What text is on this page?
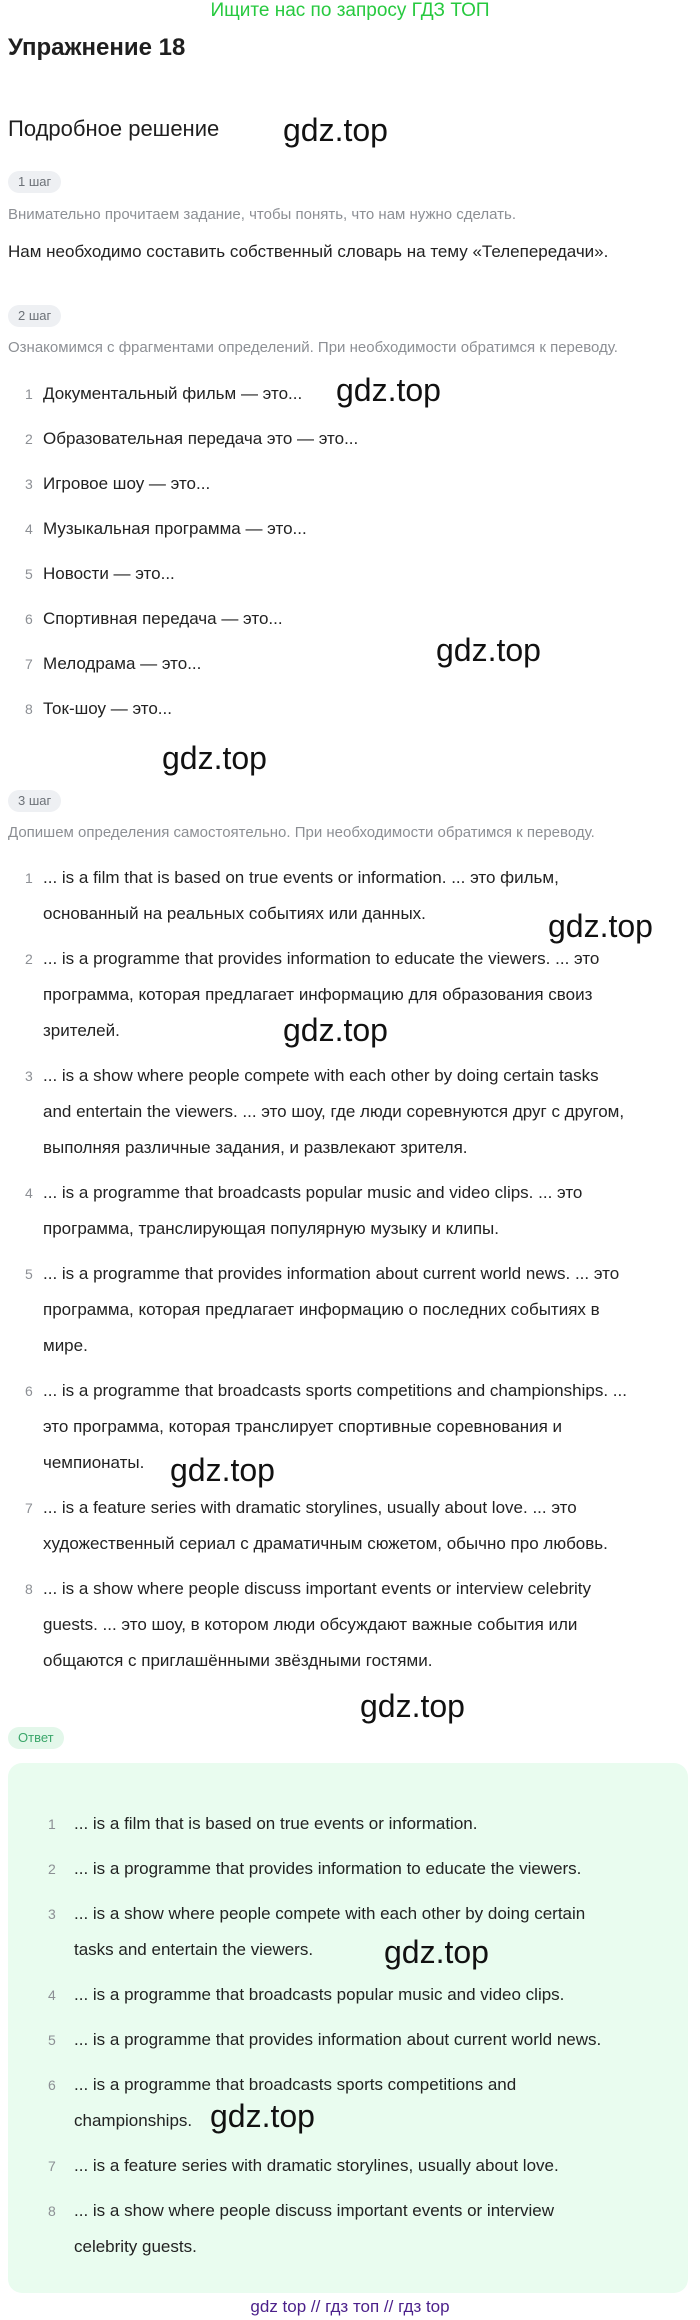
Ищите нас по запросу ГДЗ ТОП
Упражнение 18
Подробное решение gdz.top
gdz.top
gdz.top
gdz.top
gdz.top
gdz.top
gdz.top
gdz.top
1 шаг
Внимательно прочитаем задание, чтобы понять, что нам нужно сделать.
Нам необходимо составить собственный словарь на тему «Телепередачи».
2 шаг
Ознакомимся с фрагментами определений. При необходимости обратимся к переводу.
1 Документальный фильм — это...
2 Образовательная передача это — это...
3 Игровое шоу — это...
4 Музыкальная программа — это...
5 Новости — это...
6 Спортивная передача — это...
7 Мелодрама — это...
8 Ток-шоу — это...
3 шаг
Допишем определения самостоятельно. При необходимости обратимся к переводу.
1 ... is a film that is based on true events or information. ... это фильм,
основанный на реальных событиях или данных.
2 ... is a programme that provides information to educate the viewers. ... это
программа, которая предлагает информацию для образования своиз
зрителей.
3 ... is a show where people compete with each other by doing certain tasks
and entertain the viewers. ... это шоу, где люди соревнуются друг с другом,
выполняя различные задания, и развлекают зрителя.
4 ... is a programme that broadcasts popular music and video clips. ... это
программа, транслирующая популярную музыку и клипы.
5 ... is a programme that provides information about current world news. ... это
программа, которая предлагает информацию о последних событиях в
мире.
6 ... is a programme that broadcasts sports competitions and championships. ...
это программа, которая транслирует спортивные соревнования и
чемпионаты.
7 ... is a feature series with dramatic storylines, usually about love. ... это
художественный сериал с драматичным сюжетом, обычно про любовь.
8 ... is a show where people discuss important events or interview celebrity
guests. ... это шоу, в котором люди обсуждают важные события или
общаются с приглашёнными звёздными гостями.
Ответ
1	... is a film that is based on true events or information.
2	... is a programme that provides information to educate the viewers.
3	... is a show where people compete with each other by doing certain
tasks and entertain the viewers.
4	... is a programme that broadcasts popular music and video clips.
5	... is a programme that provides information about current world news.
6	... is a programme that broadcasts sports competitions and
championships.
7	... is a feature series with dramatic storylines, usually about love.
8	... is a show where people discuss important events or interview
celebrity guests.
gdz.top
gdz.top
gdz top // гдз топ // гдз top
